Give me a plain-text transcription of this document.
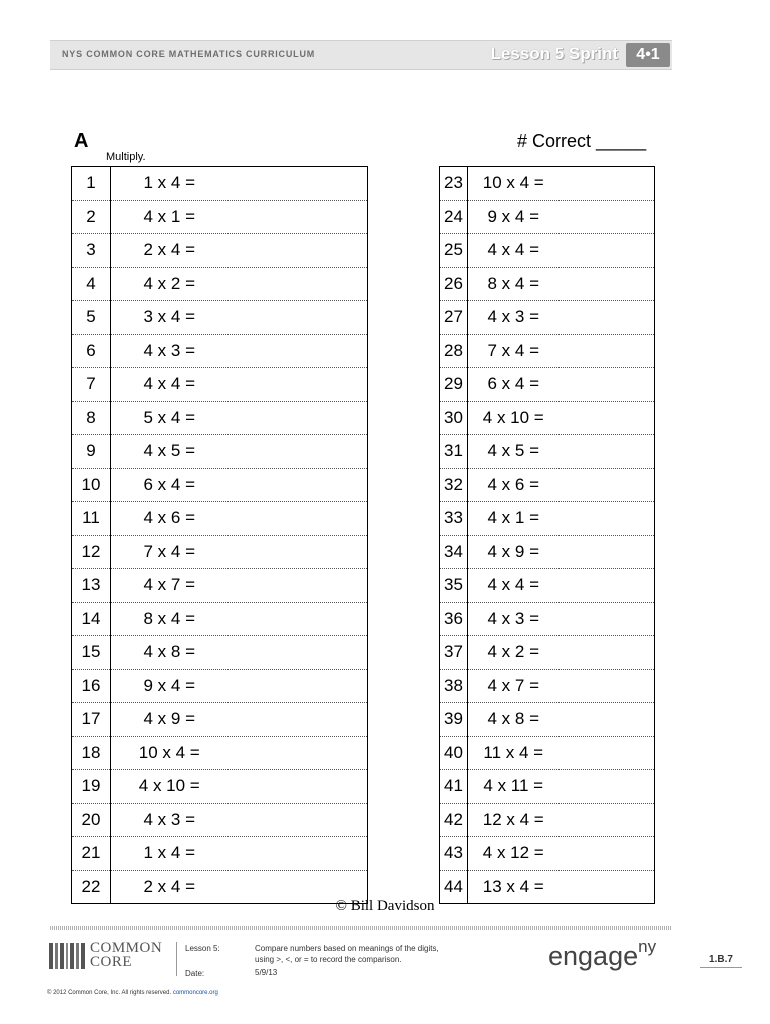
NYS COMMON CORE MATHEMATICS CURRICULUM	Lesson 5 Sprint	4•1
A
Multiply.
# Correct _____
1	1 x 4 =			23	10 x 4 =	
2	4 x 1 =			24	9 x 4 =	
3	2 x 4 =			25	4 x 4 =	
4	4 x 2 =			26	8 x 4 =	
5	3 x 4 =			27	4 x 3 =	
6	4 x 3 =			28	7 x 4 =	
7	4 x 4 =			29	6 x 4 =	
8	5 x 4 =			30	4 x 10 =	
9	4 x 5 =			31	4 x 5 =	
10	6 x 4 =			32	4 x 6 =	
11	4 x 6 =			33	4 x 1 =	
12	7 x 4 =			34	4 x 9 =	
13	4 x 7 =			35	4 x 4 =	
14	8 x 4 =			36	4 x 3 =	
15	4 x 8 =			37	4 x 2 =	
16	9 x 4 =			38	4 x 7 =	
17	4 x 9 =			39	4 x 8 =	
18	10 x 4 =			40	11 x 4 =	
19	4 x 10 =			41	4 x 11 =	
20	4 x 3 =			42	12 x 4 =	
21	1 x 4 =			43	4 x 12 =	
22	2 x 4 =			44	13 x 4 =	
© Bill Davidson
COMMON
CORE
Lesson 5:
Date:
Compare numbers based on meanings of the digits,
using >, <, or = to record the comparison.
5/9/13
engage$^{ny}$
1.B.7
© 2012 Common Core, Inc. All rights reserved. commoncore.org
